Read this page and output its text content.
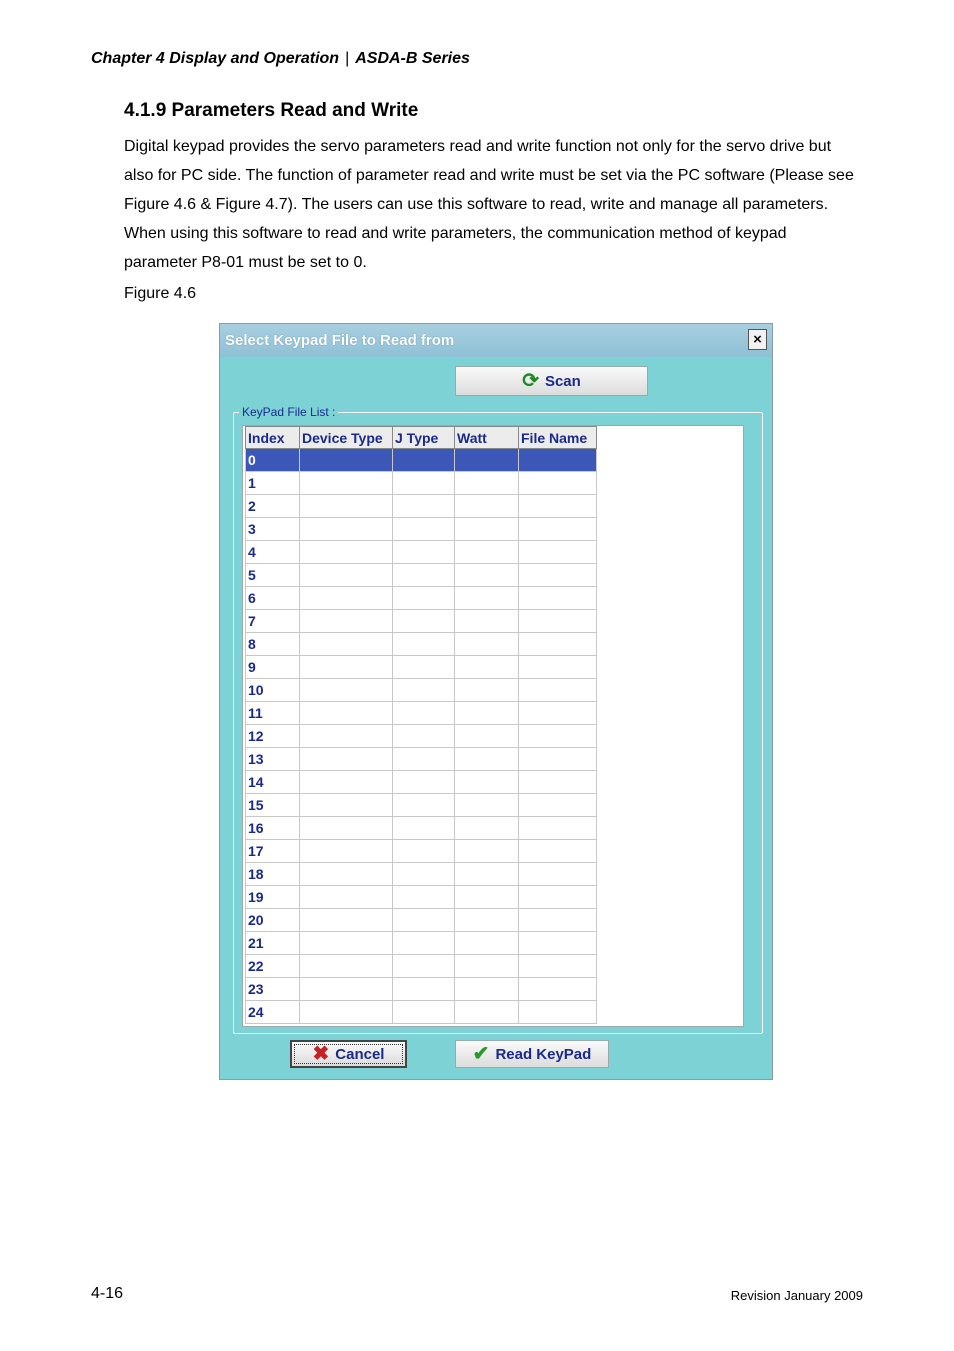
Chapter 4 Display and Operation | ASDA-B Series
4.1.9 Parameters Read and Write

Digital keypad provides the servo parameters read and write function not only for the servo drive but

also for PC side. The function of parameter read and write must be set via the PC software (Please see

Figure 4.6 & Figure 4.7). The users can use this software to read, write and manage all parameters.

When using this software to read and write parameters, the communication method of keypad

parameter P8-01 must be set to 0.

Figure 4.6
Select Keypad File to Read from	×
⟳ Scan
KeyPad File List :
Index	Device Type	J Type	Watt	File Name
0				
1				
2				
3				
4				
5				
6				
7				
8				
9				
10				
11				
12				
13				
14				
15				
16				
17				
18				
19				
20				
21				
22				
23				
24				
✖ Cancel	✔ Read KeyPad
4-16	Revision January 2009
